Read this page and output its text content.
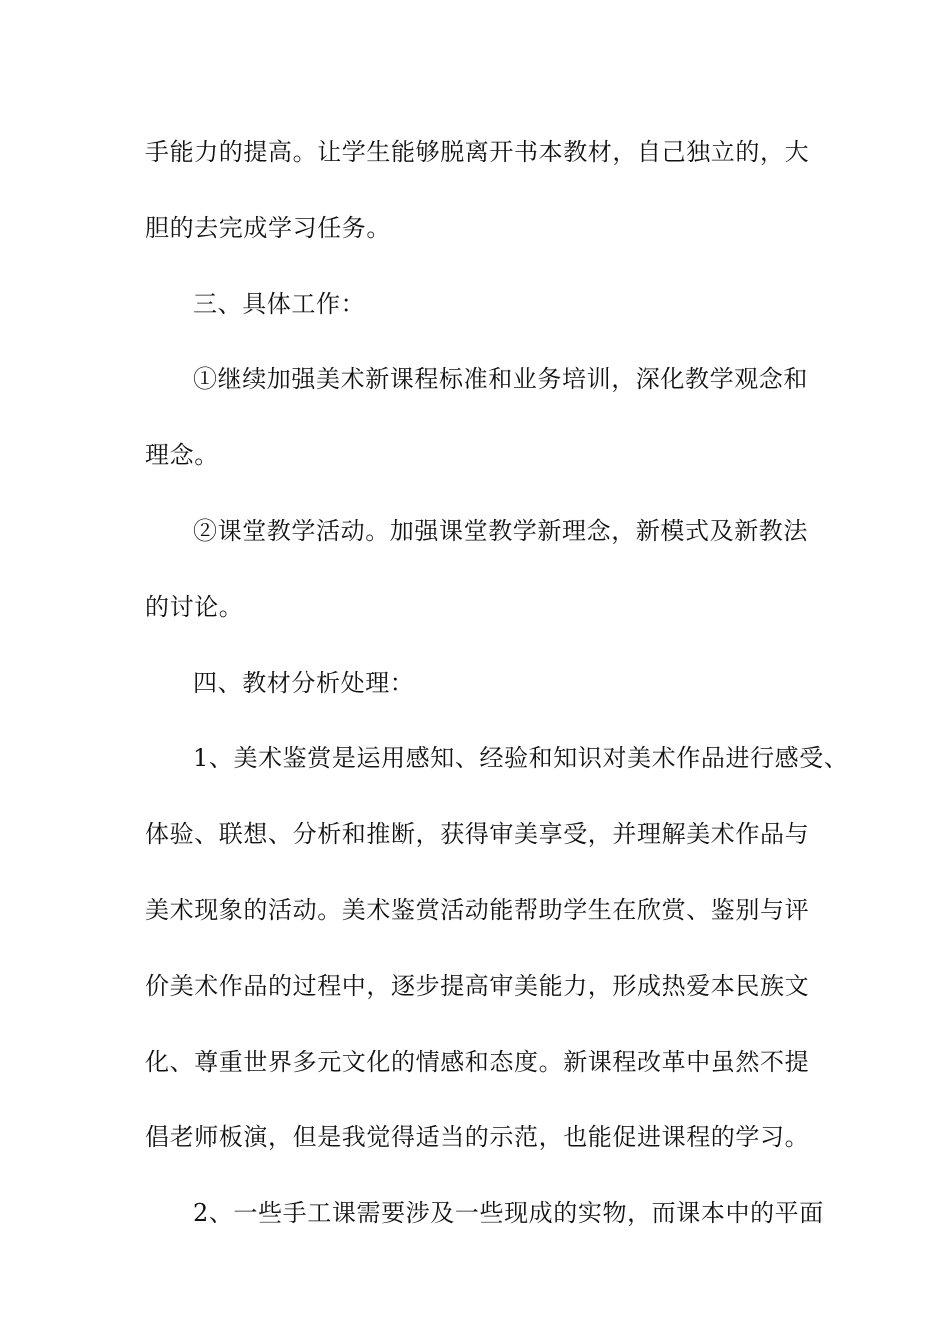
手能力的提高。让学生能够脱离开书本教材，自己独立的，大
胆的去完成学习任务。
三、具体工作：
①继续加强美术新课程标准和业务培训，深化教学观念和
理念。
②课堂教学活动。加强课堂教学新理念，新模式及新教法
的讨论。
四、教材分析处理：
1、美术鉴赏是运用感知、经验和知识对美术作品进行感受、
体验、联想、分析和推断，获得审美享受，并理解美术作品与
美术现象的活动。美术鉴赏活动能帮助学生在欣赏、鉴别与评
价美术作品的过程中，逐步提高审美能力，形成热爱本民族文
化、尊重世界多元文化的情感和态度。新课程改革中虽然不提
倡老师板演，但是我觉得适当的示范，也能促进课程的学习。
2、一些手工课需要涉及一些现成的实物，而课本中的平面
